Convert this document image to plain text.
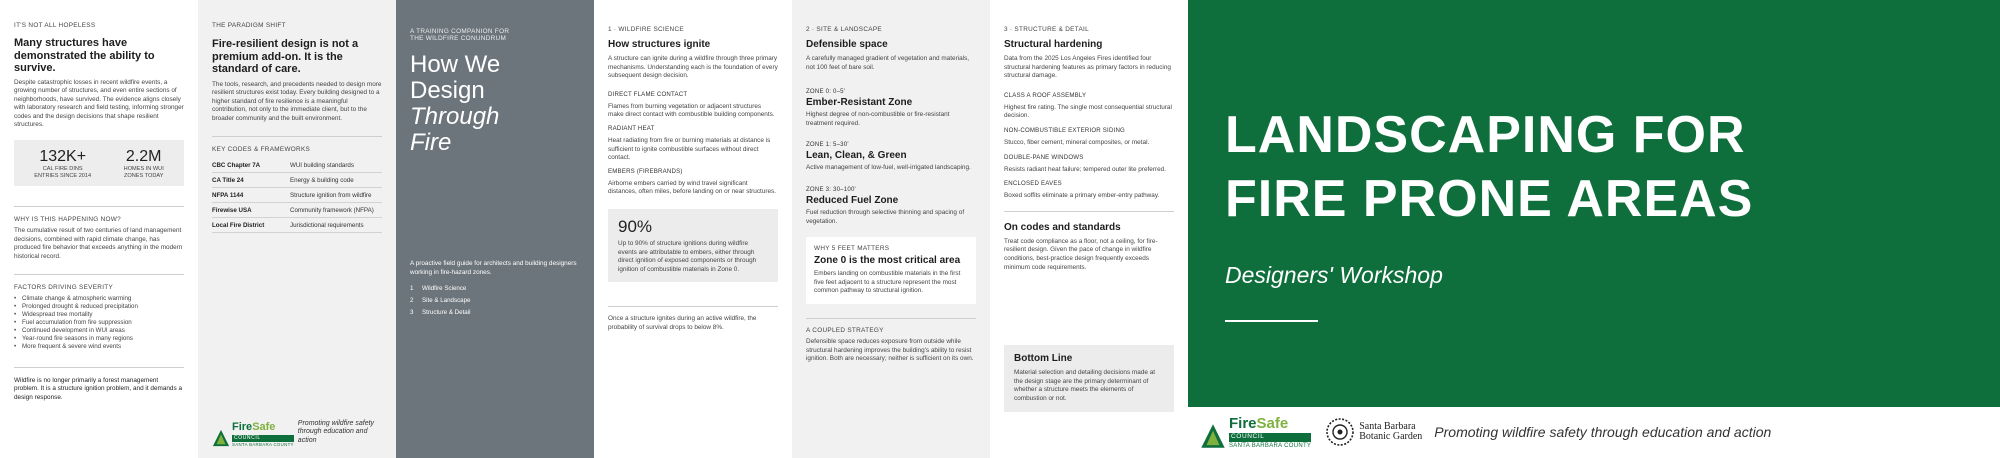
IT'S NOT ALL HOPELESS
Many structures have demonstrated the ability to survive.
Despite catastrophic losses in recent wildfire events, a growing number of structures, and even entire sections of neighborhoods, have survived. The evidence aligns closely with laboratory research and field testing, informing stronger codes and the design decisions that shape resilient structures.
132K+
CAL FIRE DINS
ENTRIES SINCE 2014
2.2M
HOMES IN WUI
ZONES TODAY
WHY IS THIS HAPPENING NOW?
The cumulative result of two centuries of land management decisions, combined with rapid climate change, has produced fire behavior that exceeds anything in the modern historical record.
FACTORS DRIVING SEVERITY
• Climate change & atmospheric warming
• Prolonged drought & reduced precipitation
• Widespread tree mortality
• Fuel accumulation from fire suppression
• Continued development in WUI areas
• Year-round fire seasons in many regions
• More frequent & severe wind events
Wildfire is no longer primarily a forest management problem. It is a structure ignition problem, and it demands a design response.
THE PARADIGM SHIFT
Fire-resilient design is not a premium add-on. It is the standard of care.
The tools, research, and precedents needed to design more resilient structures exist today. Every building designed to a higher standard of fire resilience is a meaningful contribution, not only to the immediate client, but to the broader community and the built environment.
KEY CODES & FRAMEWORKS
CBC Chapter 7A	WUI building standards
CA Title 24	Energy & building code
NFPA 1144	Structure ignition from wildfire
Firewise USA	Community framework (NFPA)
Local Fire District	Jurisdictional requirements
FireSafe
COUNCIL
SANTA BARBARA COUNTY
Promoting wildfire safety through education and action
A TRAINING COMPANION FOR
THE WILDFIRE CONUNDRUM
How We
Design
Through
Fire
A proactive field guide for architects and building designers working in fire-hazard zones.
1 Wildfire Science
2 Site & Landscape
3 Structure & Detail
1 · WILDFIRE SCIENCE
How structures ignite
A structure can ignite during a wildfire through three primary mechanisms. Understanding each is the foundation of every subsequent design decision.
DIRECT FLAME CONTACT
Flames from burning vegetation or adjacent structures make direct contact with combustible building components.
RADIANT HEAT
Heat radiating from fire or burning materials at distance is sufficient to ignite combustible surfaces without direct contact.
EMBERS (FIREBRANDS)
Airborne embers carried by wind travel significant distances, often miles, before landing on or near structures.
90%
Up to 90% of structure ignitions during wildfire events are attributable to embers, either through direct ignition of exposed components or through ignition of combustible materials in Zone 0.
Once a structure ignites during an active wildfire, the probability of survival drops to below 8%.
2 · SITE & LANDSCAPE
Defensible space
A carefully managed gradient of vegetation and materials, not 100 feet of bare soil.
ZONE 0: 0–5'
Ember-Resistant Zone
Highest degree of non-combustible or fire-resistant treatment required.
ZONE 1: 5–30'
Lean, Clean, & Green
Active management of low-fuel, well-irrigated landscaping.
ZONE 3: 30–100'
Reduced Fuel Zone
Fuel reduction through selective thinning and spacing of vegetation.
WHY 5 FEET MATTERS
Zone 0 is the most critical area
Embers landing on combustible materials in the first five feet adjacent to a structure represent the most common pathway to structural ignition.
A COUPLED STRATEGY
Defensible space reduces exposure from outside while structural hardening improves the building's ability to resist ignition. Both are necessary; neither is sufficient on its own.
3 · STRUCTURE & DETAIL
Structural hardening
Data from the 2025 Los Angeles Fires identified four structural hardening features as primary factors in reducing structural damage.
CLASS A ROOF ASSEMBLY
Highest fire rating. The single most consequential structural decision.
NON-COMBUSTIBLE EXTERIOR SIDING
Stucco, fiber cement, mineral composites, or metal.
DOUBLE-PANE WINDOWS
Resists radiant heat failure; tempered outer lite preferred.
ENCLOSED EAVES
Boxed soffits eliminate a primary ember-entry pathway.
On codes and standards
Treat code compliance as a floor, not a ceiling, for fire-resilient design. Given the pace of change in wildfire conditions, best-practice design frequently exceeds minimum code requirements.
Bottom Line
Material selection and detailing decisions made at the design stage are the primary determinant of whether a structure meets the elements of combustion or not.
LANDSCAPING FOR
FIRE PRONE AREAS
Designers' Workshop
FireSafe
COUNCIL
SANTA BARBARA COUNTY
Santa Barbara
Botanic Garden Promoting wildfire safety through education and action
